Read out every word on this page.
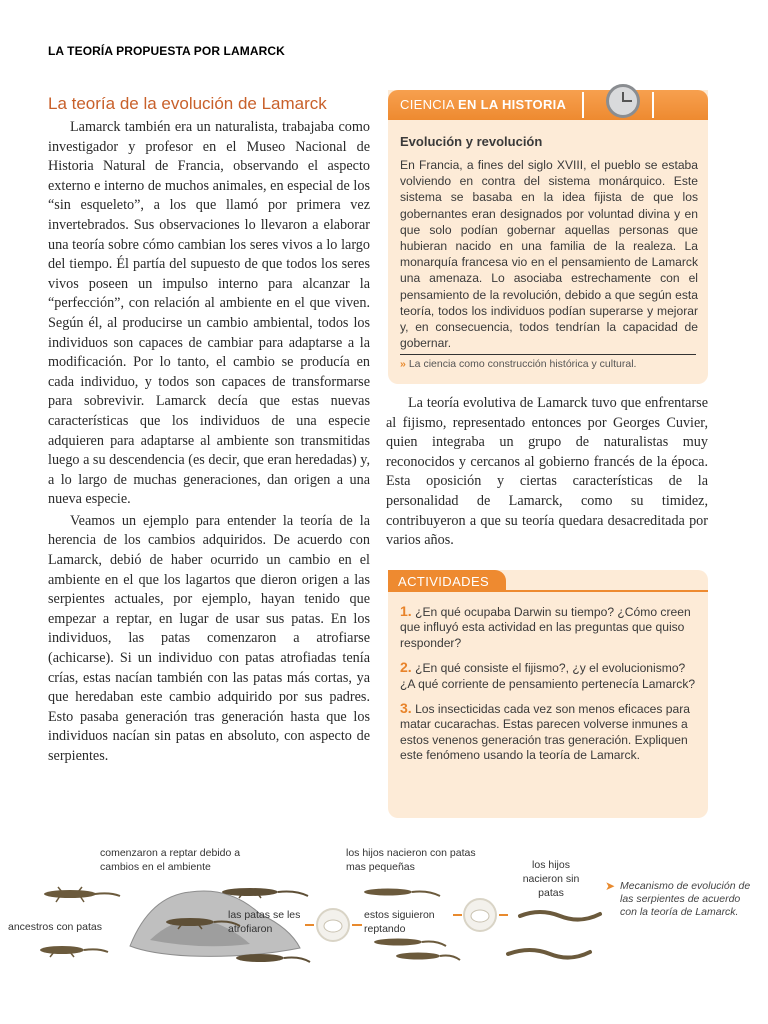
LA TEORÍA PROPUESTA POR LAMARCK
La teoría de la evolución de Lamarck

Lamarck también era un naturalista, trabajaba como investigador y profesor en el Museo Nacional de Historia Natural de Francia, observando el aspecto externo e interno de muchos animales, en especial de los “sin esqueleto”, a los que llamó por primera vez invertebrados. Sus observaciones lo llevaron a elaborar una teoría sobre cómo cambian los seres vivos a lo largo del tiempo. Él partía del supuesto de que todos los seres vivos poseen un impulso interno para alcanzar la “perfección”, con relación al ambiente en el que viven. Según él, al producirse un cambio ambiental, todos los individuos son capaces de cambiar para adaptarse a la modificación. Por lo tanto, el cambio se producía en cada individuo, y todos son capaces de transformarse para sobrevivir. Lamarck decía que estas nuevas características que los individuos de una especie adquieren para adaptarse al ambiente son transmitidas luego a su descendencia (es decir, que eran heredadas) y, a lo largo de muchas generaciones, dan origen a una nueva especie.

Veamos un ejemplo para entender la teoría de la herencia de los cambios adquiridos. De acuerdo con Lamarck, debió de haber ocurrido un cambio en el ambiente en el que los lagartos que dieron origen a las serpientes actuales, por ejemplo, hayan tenido que empezar a reptar, en lugar de usar sus patas. En los individuos, las patas comenzaron a atrofiarse (achicarse). Si un individuo con patas atrofiadas tenía crías, estas nacían también con las patas más cortas, ya que heredaban este cambio adquirido por sus padres. Esto pasaba generación tras generación hasta que los individuos nacían sin patas en absoluto, con aspecto de serpientes.

CIENCIA EN LA HISTORIA
Evolución y revolución
En Francia, a fines del siglo XVIII, el pueblo se estaba volviendo en contra del sistema monárquico. Este sistema se basaba en la idea fijista de que los gobernantes eran designados por voluntad divina y en que solo podían gobernar aquellas personas que hubieran nacido en una familia de la realeza. La monarquía francesa vio en el pensamiento de Lamarck una amenaza. Lo asociaba estrechamente con el pensamiento de la revolución, debido a que según esta teoría, todos los individuos podían superarse y mejorar y, en consecuencia, todos tendrían la capacidad de gobernar.
» La ciencia como construcción histórica y cultural.

La teoría evolutiva de Lamarck tuvo que enfrentarse al fijismo, representado entonces por Georges Cuvier, quien integraba un grupo de naturalistas muy reconocidos y cercanos al gobierno francés de la época. Esta oposición y ciertas características de la personalidad de Lamarck, como su timidez, contribuyeron a que su teoría quedara desacreditada por varios años.

ACTIVIDADES
1. ¿En qué ocupaba Darwin su tiempo? ¿Cómo creen que influyó esta actividad en las preguntas que quiso responder?
2. ¿En qué consiste el fijismo?, ¿y el evolucionismo? ¿A qué corriente de pensamiento pertenecía Lamarck?
3. Los insecticidas cada vez son menos eficaces para matar cucarachas. Estas parecen volverse inmunes a estos venenos generación tras generación. Expliquen este fenómeno usando la teoría de Lamarck.
comenzaron a reptar debido a cambios en el ambiente
ancestros con patas
las patas se les atrofiaron
estos siguieron reptando
los hijos nacieron con patas mas pequeñas	los hijos nacieron sin patas	➤ Mecanismo de evolución de las serpientes de acuerdo con la teoría de Lamarck.
